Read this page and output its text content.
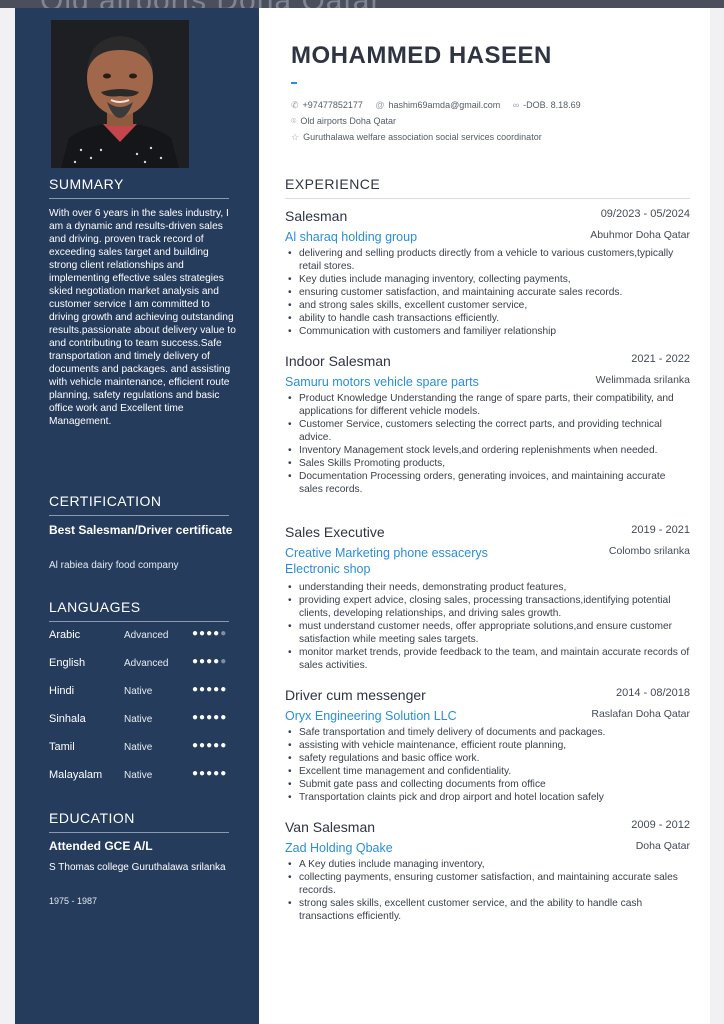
SUMMARY
With over 6 years in the sales industry, I am a dynamic and results-driven sales and driving. proven track record of exceeding sales target and building strong client relationships and implementing effective sales strategies skied negotiation market analysis and customer service I am committed to driving growth and achieving outstanding results.passionate about delivery value to and contributing to team success.Safe transportation and timely delivery of documents and packages. and assisting with vehicle maintenance, efficient route planning, safety regulations and basic office work and Excellent time Management.
CERTIFICATION
Best Salesman/Driver certificate
Al rabiea dairy food company
LANGUAGES
Arabic	Advanced ●●●●●
English	Advanced ●●●●●
Hindi	Native	●●●●●
Sinhala	Native	●●●●●
Tamil	Native	●●●●●
Malayalam Native	●●●●●
EDUCATION
Attended GCE A/L
S Thomas college Guruthalawa srilanka
1975 - 1987
MOHAMMED HASEEN
✆ +97477852177 @ hashim69amda@gmail.com ∞ -DOB. 8.18.69
⌾ Old airports Doha Qatar
☆ Guruthalawa welfare association social services coordinator
EXPERIENCE
Salesman	09/2023 - 05/2024
Al sharaq holding group	Abuhmor Doha Qatar
• delivering and selling products directly from a vehicle to various customers,typically retail stores.
• Key duties include managing inventory, collecting payments,
• ensuring customer satisfaction, and maintaining accurate sales records.
• and strong sales skills, excellent customer service,
• ability to handle cash transactions efficiently.
• Communication with customers and familiyer relationship
Indoor Salesman	2021 - 2022
Samuru motors vehicle spare parts	Welimmada srilanka
• Product Knowledge Understanding the range of spare parts, their compatibility, and applications for different vehicle models.
• Customer Service, customers selecting the correct parts, and providing technical advice.
• Inventory Management stock levels,and ordering replenishments when needed.
• Sales Skills Promoting products,
• Documentation Processing orders, generating invoices, and maintaining accurate sales records.
Sales Executive	2019 - 2021
Creative Marketing phone essacerys Electronic shop
Colombo srilanka
• understanding their needs, demonstrating product features,
• providing expert advice, closing sales, processing transactions,identifying potential clients, developing relationships, and driving sales growth.
• must understand customer needs, offer appropriate solutions,and ensure customer satisfaction while meeting sales targets.
• monitor market trends, provide feedback to the team, and maintain accurate records of sales activities.
Driver cum messenger	2014 - 08/2018
Oryx Engineering Solution LLC	Raslafan Doha Qatar
• Safe transportation and timely delivery of documents and packages.
• assisting with vehicle maintenance, efficient route planning,
• safety regulations and basic office work.
• Excellent time management and confidentiality.
• Submit gate pass and collecting documents from office
• Transportation claints pick and drop airport and hotel location safely
Van Salesman	2009 - 2012
Zad Holding Qbake	Doha Qatar
• A Key duties include managing inventory,
• collecting payments, ensuring customer satisfaction, and maintaining accurate sales records.
• strong sales skills, excellent customer service, and the ability to handle cash transactions efficiently.
